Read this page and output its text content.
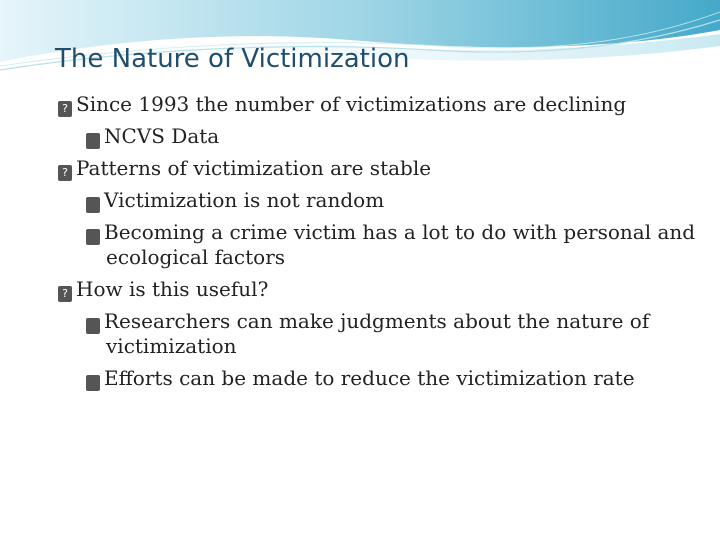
The Nature of Victimization
? Since 1993 the number of victimizations are declining
? NCVS Data
? Patterns of victimization are stable
? Victimization is not random
? Becoming a crime victim has a lot to do with personal and ecological factors
? How is this useful?
? Researchers can make judgments about the nature of victimization
? Efforts can be made to reduce the victimization rate
